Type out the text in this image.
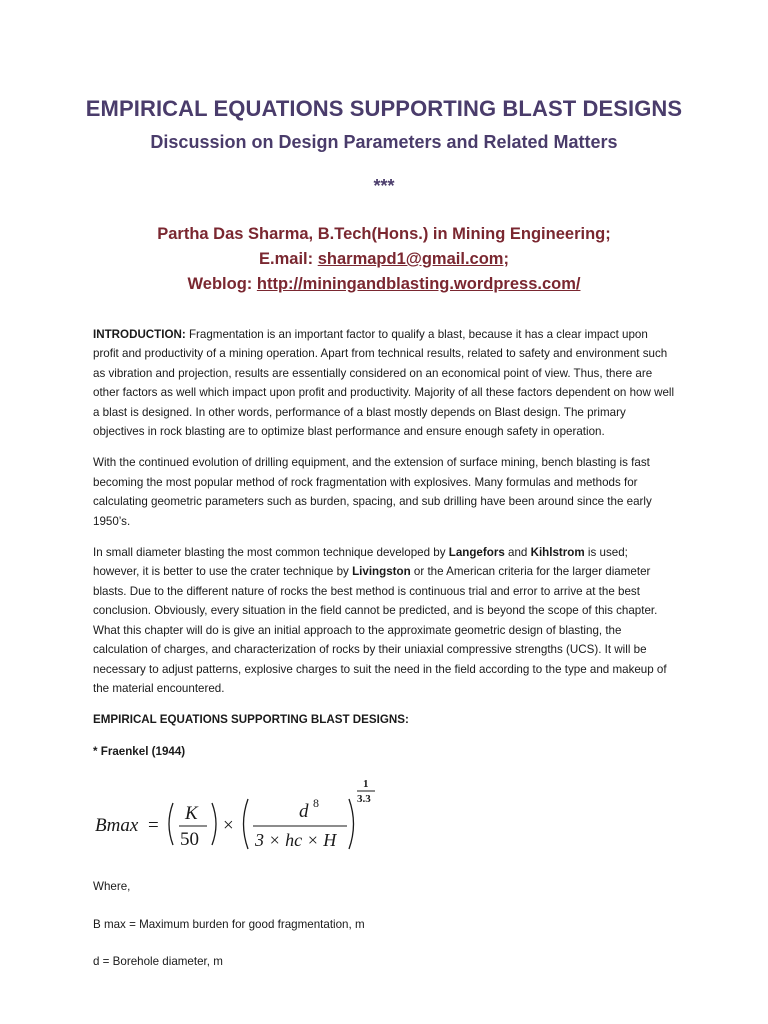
EMPIRICAL EQUATIONS SUPPORTING BLAST DESIGNS
Discussion on Design Parameters and Related Matters
***
Partha Das Sharma, B.Tech(Hons.) in Mining Engineering;
E.mail: sharmapd1@gmail.com;
Weblog: http://miningandblasting.wordpress.com/

INTRODUCTION: Fragmentation is an important factor to qualify a blast, because it has a clear impact upon profit and productivity of a mining operation. Apart from technical results, related to safety and environment such as vibration and projection, results are essentially considered on an economical point of view. Thus, there are other factors as well which impact upon profit and productivity. Majority of all these factors dependent on how well a blast is designed. In other words, performance of a blast mostly depends on Blast design. The primary objectives in rock blasting are to optimize blast performance and ensure enough safety in operation.

With the continued evolution of drilling equipment, and the extension of surface mining, bench blasting is fast becoming the most popular method of rock fragmentation with explosives. Many formulas and methods for calculating geometric parameters such as burden, spacing, and sub drilling have been around since the early 1950’s.

In small diameter blasting the most common technique developed by Langefors and Kihlstrom is used; however, it is better to use the crater technique by Livingston or the American criteria for the larger diameter blasts. Due to the different nature of rocks the best method is continuous trial and error to arrive at the best conclusion. Obviously, every situation in the field cannot be predicted, and is beyond the scope of this chapter. What this chapter will do is give an initial approach to the approximate geometric design of blasting, the calculation of charges, and characterization of rocks by their uniaxial compressive strengths (UCS). It will be necessary to adjust patterns, explosive charges to suit the need in the field according to the type and makeup of the material encountered.

EMPIRICAL EQUATIONS SUPPORTING BLAST DESIGNS:

* Fraenkel (1944)

Bmax =
K
50
×
d 8
3 × hc × H
1
3.3

Where,

B max = Maximum burden for good fragmentation, m

d = Borehole diameter, m
